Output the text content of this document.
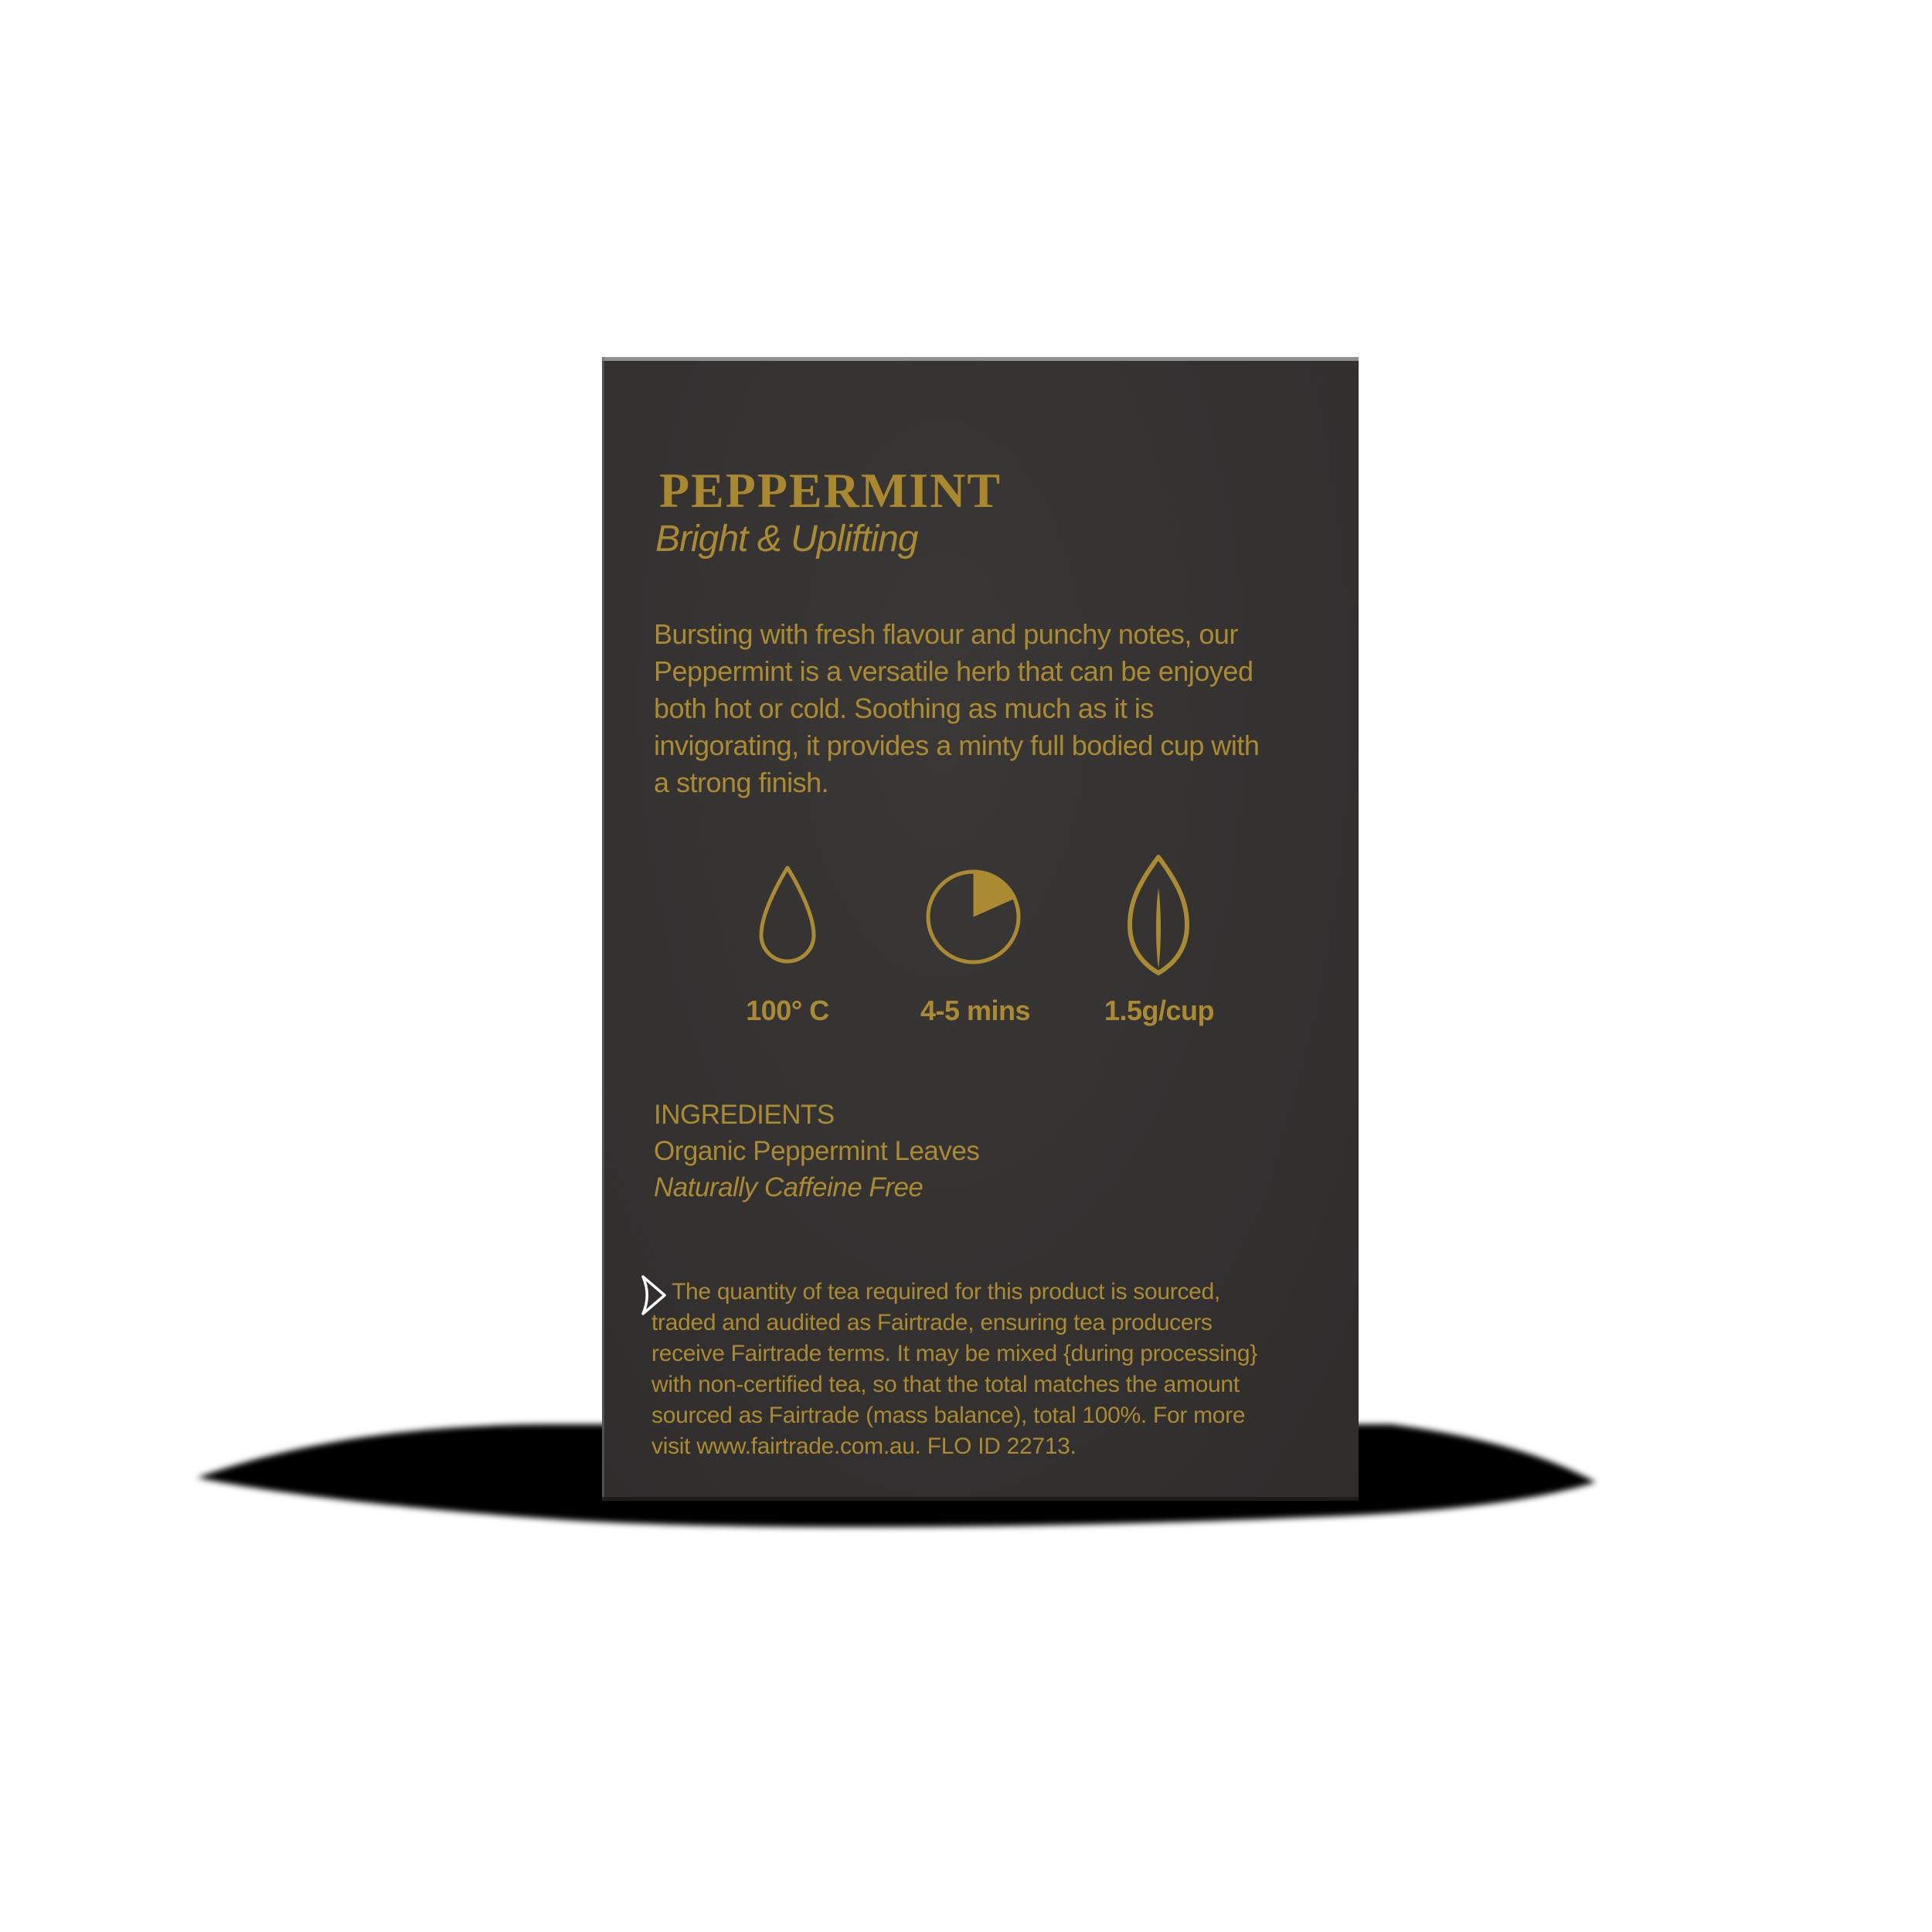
PEPPERMINT
Bright & Uplifting
Bursting with fresh flavour and punchy notes, our
Peppermint is a versatile herb that can be enjoyed
both hot or cold. Soothing as much as it is
invigorating, it provides a minty full bodied cup with
a strong finish.
100° C	4-5 mins	1.5g/cup
INGREDIENTS
Organic Peppermint Leaves
Naturally Caffeine Free
The quantity of tea required for this product is sourced,
traded and audited as Fairtrade, ensuring tea producers
receive Fairtrade terms. It may be mixed {during processing}
with non-certified tea, so that the total matches the amount
sourced as Fairtrade (mass balance), total 100%. For more
visit www.fairtrade.com.au. FLO ID 22713.
